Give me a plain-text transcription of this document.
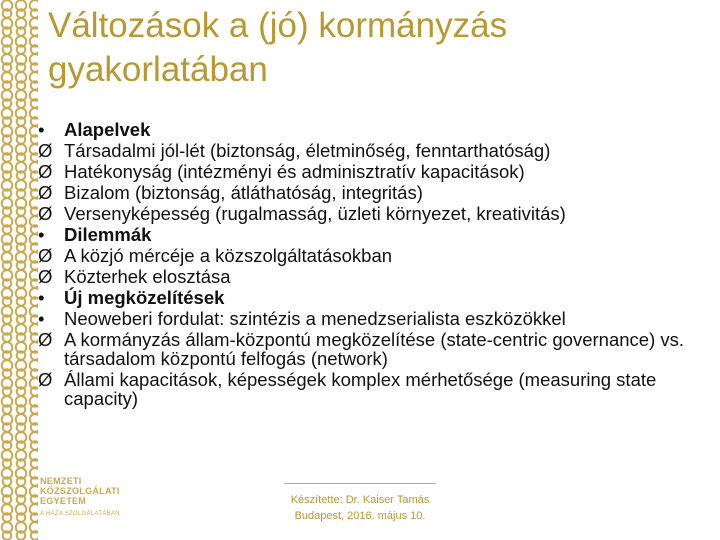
Változások a (jó) kormányzás
gyakorlatában
•	Alapelvek
Ø Társadalmi jól-lét (biztonság, életminőség, fenntarthatóság)
Ø Hatékonyság (intézményi és adminisztratív kapacitások)
Ø Bizalom (biztonság, átláthatóság, integritás)
Ø Versenyképesség (rugalmasság, üzleti környezet, kreativitás)
•	Dilemmák
Ø A közjó mércéje a közszolgáltatásokban
Ø Közterhek elosztása
•	Új megközelítések
•	Neoweberi fordulat: szintézis a menedzserialista eszközökkel
Ø A kormányzás állam-központú megközelítése (state-centric governance) vs. társadalom központú felfogás (network)
Ø Állami kapacitások, képességek komplex mérhetősége (measuring state capacity)
NEMZETI
KÖZSZOLGÁLATI
EGYETEM
A HAZA SZOLGÁLATÁBAN
Készítette: Dr. Kaiser Tamás
Budapest, 2016. május 10.
